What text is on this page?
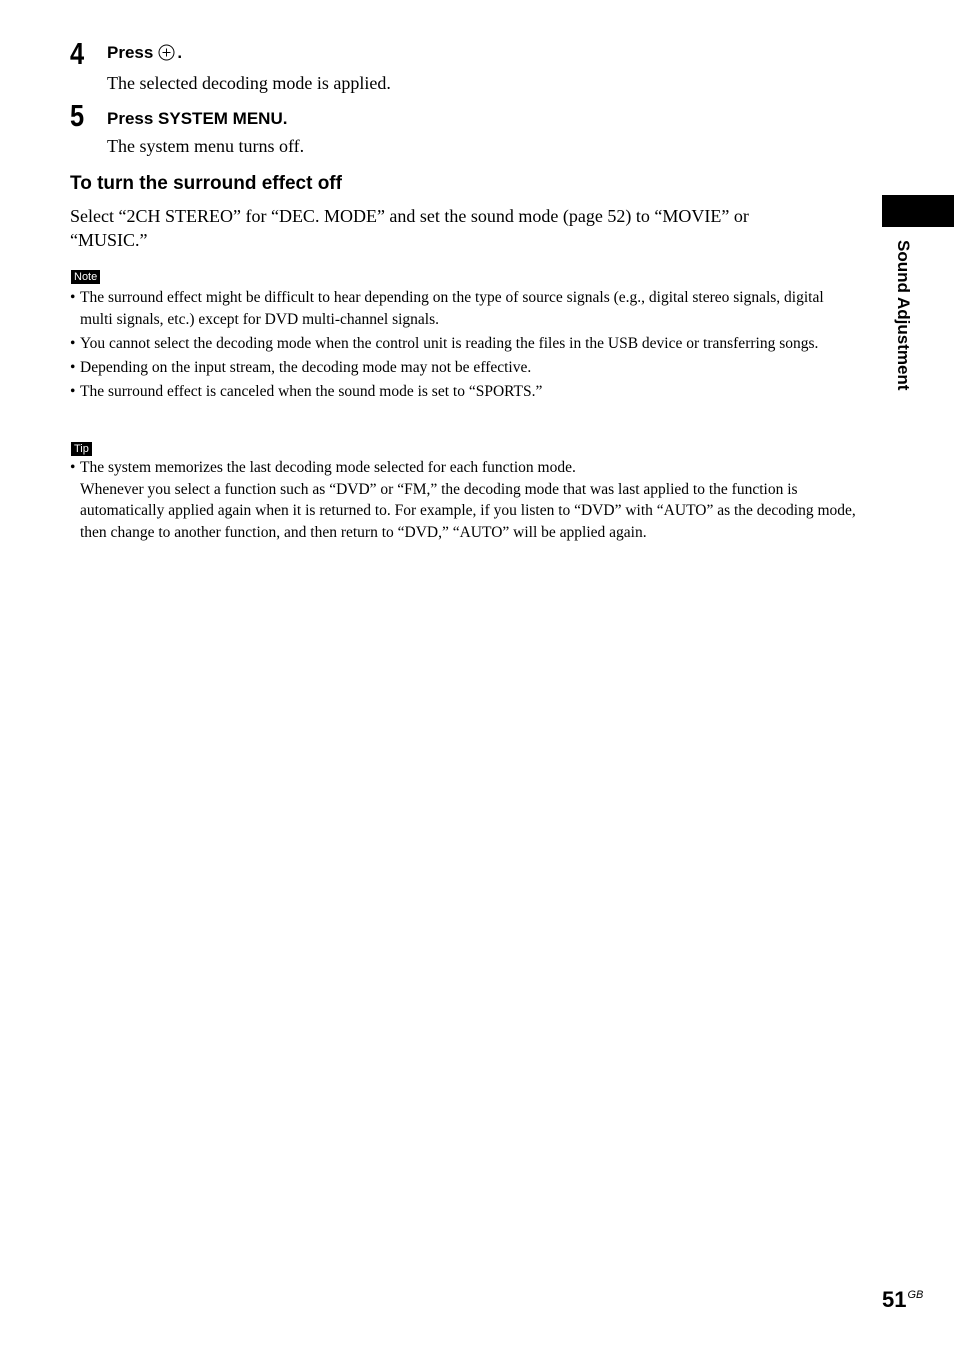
4 Press .
The selected decoding mode is applied.
5 Press SYSTEM MENU.
The system menu turns off.
To turn the surround effect off
Select “2CH STEREO” for “DEC. MODE” and set the sound mode (page 52) to “MOVIE” or “MUSIC.”
Note
• The surround effect might be difficult to hear depending on the type of source signals (e.g., digital stereo signals, digital multi signals, etc.) except for DVD multi-channel signals.
• You cannot select the decoding mode when the control unit is reading the files in the USB device or transferring songs.
• Depending on the input stream, the decoding mode may not be effective.
• The surround effect is canceled when the sound mode is set to “SPORTS.”
Tip
• The system memorizes the last decoding mode selected for each function mode.
Whenever you select a function such as “DVD” or “FM,” the decoding mode that was last applied to the function is automatically applied again when it is returned to. For example, if you listen to “DVD” with “AUTO” as the decoding mode, then change to another function, and then return to “DVD,” “AUTO” will be applied again.
Sound Adjustment
$51^{GB}$
